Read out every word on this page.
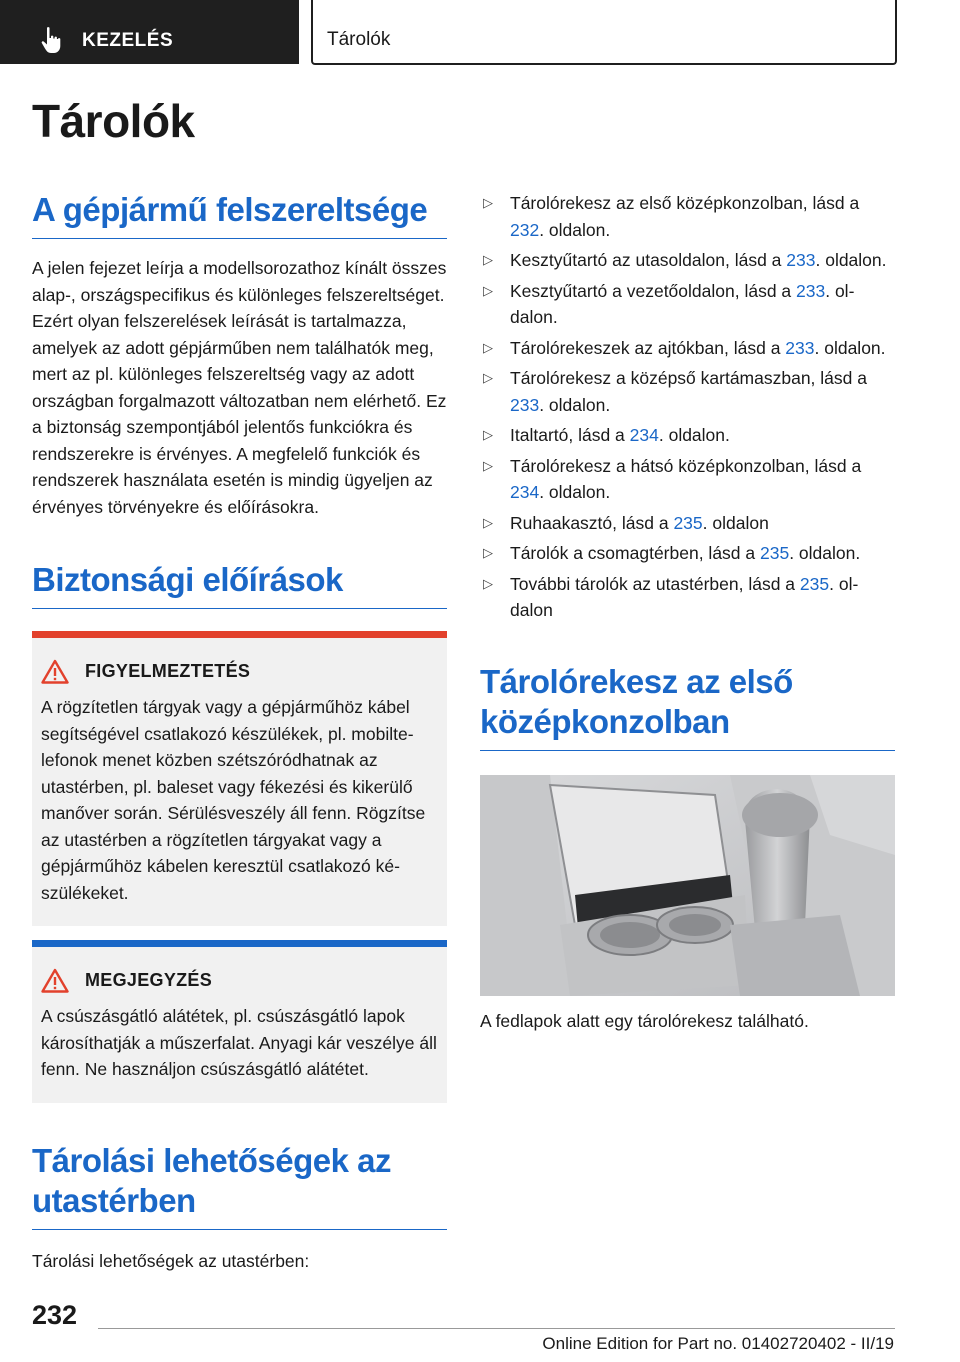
KEZELÉS	Tárolók
Tárolók
A gépjármű felszereltsége

A jelen fejezet leírja a modellsorozathoz kínált összes alap-, országspecifikus és különleges felszereltséget. Ezért olyan felszerelések leírását is tartalmazza, amelyek az adott gépjárműben nem találhatók meg, mert az pl. különleges felszereltség vagy az adott országban forgalmazott változatban nem elérhető. Ez a biztonság szempontjából jelentős funkciókra és rendszerekre is érvényes. A megfelelő funkciók és rendszerek használata esetén is mindig ügyeljen az érvényes törvényekre és előírásokra.

Biztonsági előírások
FIGYELMEZTETÉS
A rögzítetlen tárgyak vagy a gépjárműhöz kábel segítségével csatlakozó készülékek, pl. mobiltelefonok menet közben szétszóródhatnak az utastérben, pl. baleset vagy fékezési és kikerülő manőver során. Sérülésveszély áll fenn. Rögzítse az utastérben a rögzítetlen tárgyakat vagy a gépjárműhöz kábelen keresztül csatlakozó készülékeket.
MEGJEGYZÉS
A csúszásgátló alátétek, pl. csúszásgátló lapok károsíthatják a műszerfalat. Anyagi kár veszélye áll fenn. Ne használjon csúszásgátló alátétet.
Tárolási lehetőségek az utastérben

Tárolási lehetőségek az utastérben:

▷ Tárolórekesz az első középkonzolban, lásd a 232. oldalon.
▷ Kesztyűtartó az utasoldalon, lásd a 233. oldalon.
▷ Kesztyűtartó a vezetőoldalon, lásd a 233. oldalon.
▷ Tárolórekeszek az ajtókban, lásd a 233. oldalon.
▷ Tárolórekesz a középső kartámaszban, lásd a 233. oldalon.
▷ Italtartó, lásd a 234. oldalon.
▷ Tárolórekesz a hátsó középkonzolban, lásd a 234. oldalon.
▷ Ruhaakasztó, lásd a 235. oldalon
▷ Tárolók a csomagtérben, lásd a 235. oldalon.
▷ További tárolók az utastérben, lásd a 235. oldalon
Tárolórekesz az első középkonzolban

A fedlapok alatt egy tárolórekesz található.

232
Online Edition for Part no. 01402720402 - II/19
